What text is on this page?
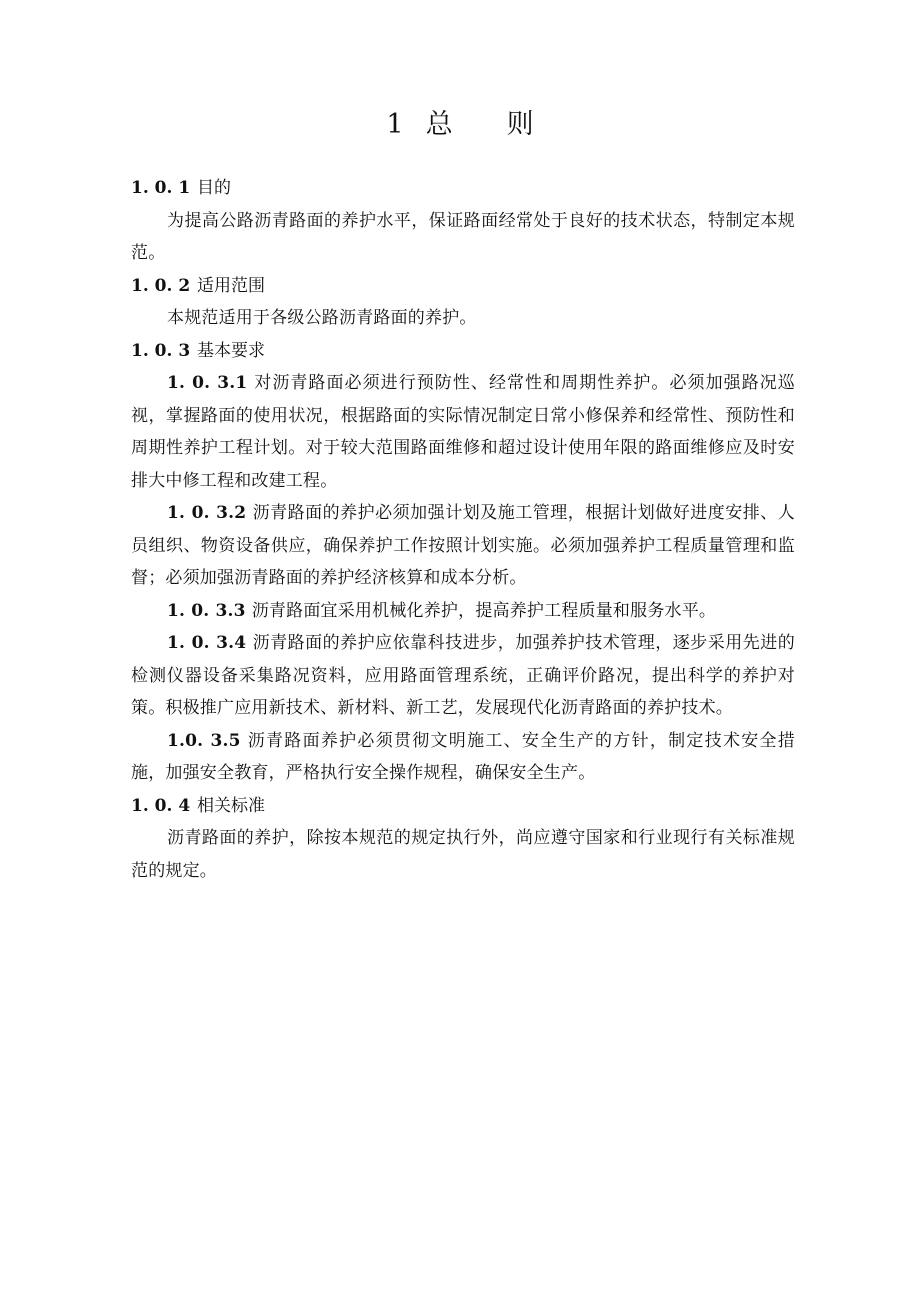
1 总 则

1. 0. 1 目的

为提高公路沥青路面的养护水平，保证路面经常处于良好的技术状态，特制定本规范。

1. 0. 2 适用范围

本规范适用于各级公路沥青路面的养护。

1. 0. 3 基本要求

1. 0. 3.1 对沥青路面必须进行预防性、经常性和周期性养护。必须加强路况巡视，掌握路面的使用状况，根据路面的实际情况制定日常小修保养和经常性、预防性和周期性养护工程计划。对于较大范围路面维修和超过设计使用年限的路面维修应及时安排大中修工程和改建工程。

1. 0. 3.2 沥青路面的养护必须加强计划及施工管理，根据计划做好进度安排、人员组织、物资设备供应，确保养护工作按照计划实施。必须加强养护工程质量管理和监督；必须加强沥青路面的养护经济核算和成本分析。

1. 0. 3.3 沥青路面宜采用机械化养护，提高养护工程质量和服务水平。

1. 0. 3.4 沥青路面的养护应依靠科技进步，加强养护技术管理，逐步采用先进的检测仪器设备采集路况资料，应用路面管理系统，正确评价路况，提出科学的养护对策。积极推广应用新技术、新材料、新工艺，发展现代化沥青路面的养护技术。

1.0. 3.5 沥青路面养护必须贯彻文明施工、安全生产的方针，制定技术安全措施，加强安全教育，严格执行安全操作规程，确保安全生产。

1. 0. 4 相关标准

沥青路面的养护，除按本规范的规定执行外，尚应遵守国家和行业现行有关标准规范的规定。
